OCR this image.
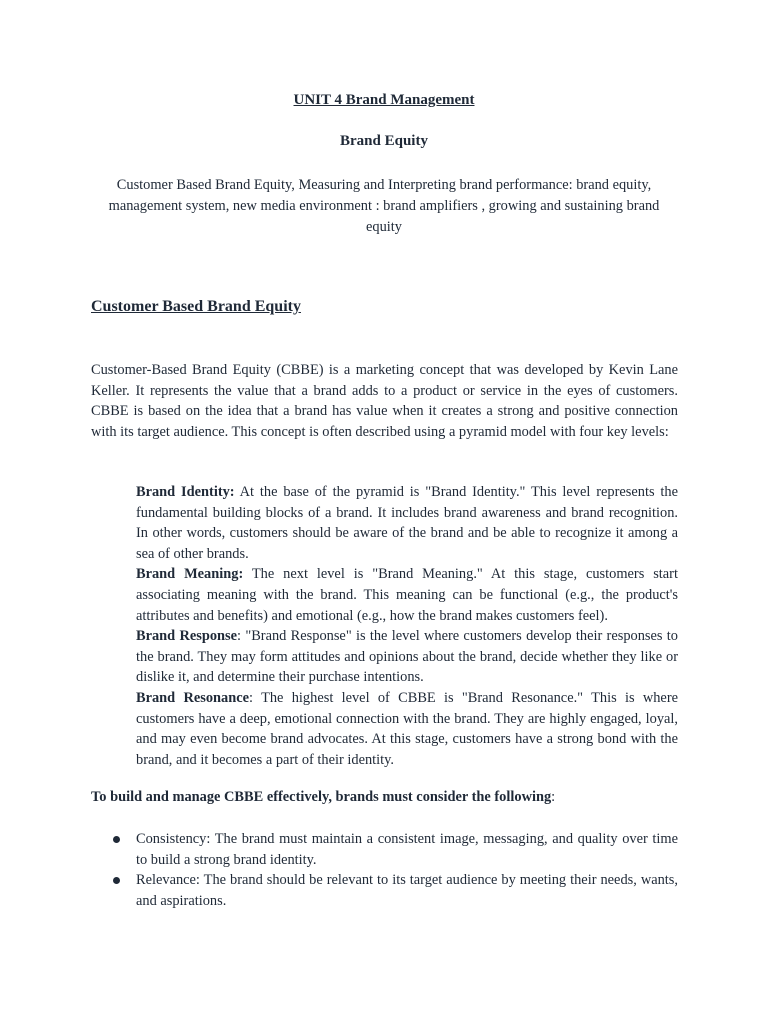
UNIT 4 Brand Management
Brand Equity
Customer Based Brand Equity, Measuring and Interpreting brand performance: brand equity, management system, new media environment : brand amplifiers , growing and sustaining brand equity
Customer Based Brand Equity
Customer-Based Brand Equity (CBBE) is a marketing concept that was developed by Kevin Lane Keller. It represents the value that a brand adds to a product or service in the eyes of customers. CBBE is based on the idea that a brand has value when it creates a strong and positive connection with its target audience. This concept is often described using a pyramid model with four key levels:

Brand Identity: At the base of the pyramid is "Brand Identity." This level represents the fundamental building blocks of a brand. It includes brand awareness and brand recognition. In other words, customers should be aware of the brand and be able to recognize it among a sea of other brands.

Brand Meaning: The next level is "Brand Meaning." At this stage, customers start associating meaning with the brand. This meaning can be functional (e.g., the product's attributes and benefits) and emotional (e.g., how the brand makes customers feel).

Brand Response: "Brand Response" is the level where customers develop their responses to the brand. They may form attitudes and opinions about the brand, decide whether they like or dislike it, and determine their purchase intentions.

Brand Resonance: The highest level of CBBE is "Brand Resonance." This is where customers have a deep, emotional connection with the brand. They are highly engaged, loyal, and may even become brand advocates. At this stage, customers have a strong bond with the brand, and it becomes a part of their identity.

To build and manage CBBE effectively, brands must consider the following:
Consistency: The brand must maintain a consistent image, messaging, and quality over time to build a strong brand identity.
Relevance: The brand should be relevant to its target audience by meeting their needs, wants, and aspirations.
